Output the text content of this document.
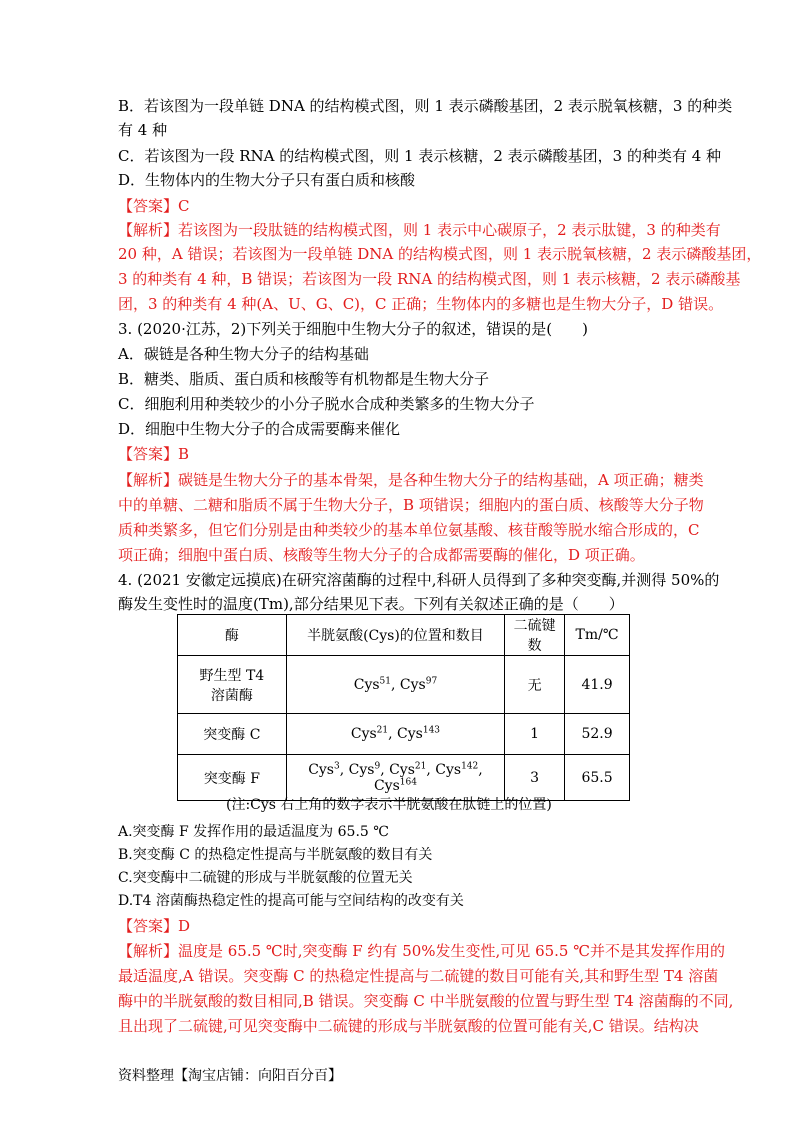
B．若该图为一段单链 DNA 的结构模式图，则 1 表示磷酸基团，2 表示脱氧核糖，3 的种类
有 4 种
C．若该图为一段 RNA 的结构模式图，则 1 表示核糖，2 表示磷酸基团，3 的种类有 4 种
D．生物体内的生物大分子只有蛋白质和核酸
【答案】C
【解析】若该图为一段肽链的结构模式图，则 1 表示中心碳原子，2 表示肽键，3 的种类有
20 种，A 错误；若该图为一段单链 DNA 的结构模式图，则 1 表示脱氧核糖，2 表示磷酸基团，
3 的种类有 4 种，B 错误；若该图为一段 RNA 的结构模式图，则 1 表示核糖，2 表示磷酸基
团，3 的种类有 4 种(A、U、G、C)，C 正确；生物体内的多糖也是生物大分子，D 错误。
3. (2020·江苏，2)下列关于细胞中生物大分子的叙述，错误的是(　　)
A．碳链是各种生物大分子的结构基础
B．糖类、脂质、蛋白质和核酸等有机物都是生物大分子
C．细胞利用种类较少的小分子脱水合成种类繁多的生物大分子
D．细胞中生物大分子的合成需要酶来催化
【答案】B
【解析】碳链是生物大分子的基本骨架，是各种生物大分子的结构基础，A 项正确；糖类
中的单糖、二糖和脂质不属于生物大分子，B 项错误；细胞内的蛋白质、核酸等大分子物
质种类繁多，但它们分别是由种类较少的基本单位氨基酸、核苷酸等脱水缩合形成的，C
项正确；细胞中蛋白质、核酸等生物大分子的合成都需要酶的催化，D 项正确。
4. (2021 安徽定远摸底)在研究溶菌酶的过程中,科研人员得到了多种突变酶,并测得 50%的
酶发生变性时的温度(Tm),部分结果见下表。下列有关叙述正确的是（　　）
酶	半胱氨酸(Cys)的位置和数目	二硫键数	Tm/℃
野生型 T4
溶菌酶	Cys$^{51}$, Cys$^{97}$	无	41.9
突变酶 C	Cys$^{21}$, Cys$^{143}$	1	52.9
突变酶 F	Cys$^3$, Cys$^9$, Cys$^{21}$, Cys$^{142}$, Cys$^{164}$	3	65.5
(注:Cys 右上角的数字表示半胱氨酸在肽链上的位置)
A.突变酶 F 发挥作用的最适温度为 65.5 ℃
B.突变酶 C 的热稳定性提高与半胱氨酸的数目有关
C.突变酶中二硫键的形成与半胱氨酸的位置无关
D.T4 溶菌酶热稳定性的提高可能与空间结构的改变有关
【答案】D
【解析】温度是 65.5 ℃时,突变酶 F 约有 50%发生变性,可见 65.5 ℃并不是其发挥作用的
最适温度,A 错误。突变酶 C 的热稳定性提高与二硫键的数目可能有关,其和野生型 T4 溶菌
酶中的半胱氨酸的数目相同,B 错误。突变酶 C 中半胱氨酸的位置与野生型 T4 溶菌酶的不同,
且出现了二硫键,可见突变酶中二硫键的形成与半胱氨酸的位置可能有关,C 错误。结构决
资料整理【淘宝店铺：向阳百分百】
